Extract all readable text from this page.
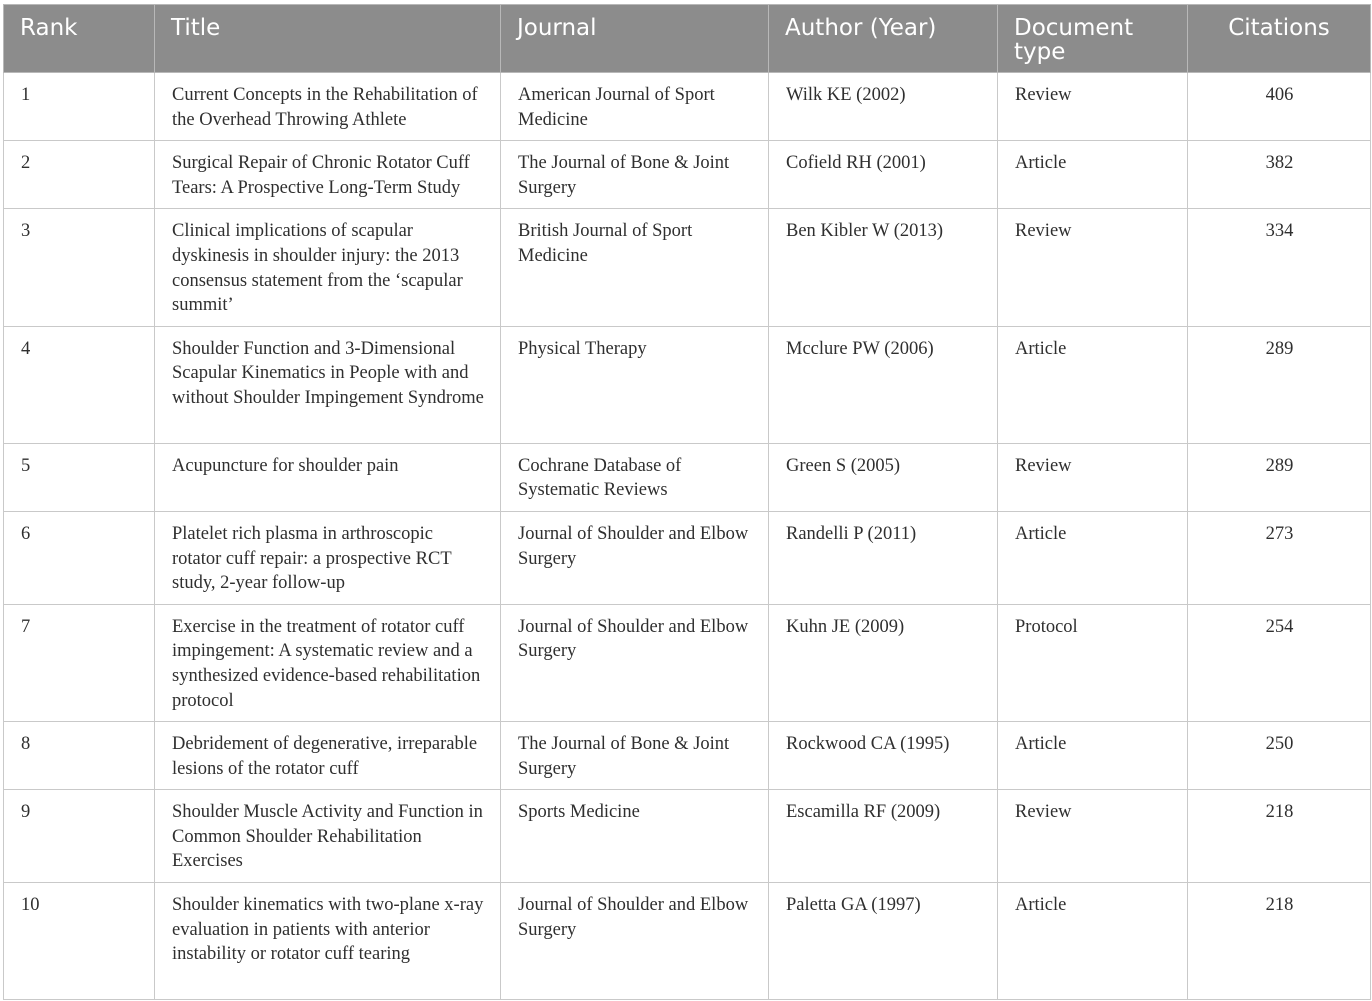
Rank	Title	Journal	Author (Year)	Document type	Citations
1	Current Concepts in the Rehabilitation of the Overhead Throwing Athlete	American Journal of Sport Medicine	Wilk KE (2002)	Review	406
2	Surgical Repair of Chronic Rotator Cuff Tears: A Prospective Long-Term Study	The Journal of Bone & Joint Surgery	Cofield RH (2001)	Article	382
3	Clinical implications of scapular dyskinesis in shoulder injury: the 2013 consensus statement from the ‘scapular summit’	British Journal of Sport Medicine	Ben Kibler W (2013)	Review	334
4	Shoulder Function and 3-Dimensional Scapular Kinematics in People with and without Shoulder Impingement Syndrome	Physical Therapy	Mcclure PW (2006)	Article	289
5	Acupuncture for shoulder pain	Cochrane Database of Systematic Reviews	Green S (2005)	Review	289
6	Platelet rich plasma in arthroscopic rotator cuff repair: a prospective RCT study, 2-year follow-up	Journal of Shoulder and Elbow Surgery	Randelli P (2011)	Article	273
7	Exercise in the treatment of rotator cuff impingement: A systematic review and a synthesized evidence-based rehabilitation protocol	Journal of Shoulder and Elbow Surgery	Kuhn JE (2009)	Protocol	254
8	Debridement of degenerative, irreparable lesions of the rotator cuff	The Journal of Bone & Joint Surgery	Rockwood CA (1995)	Article	250
9	Shoulder Muscle Activity and Function in Common Shoulder Rehabilitation Exercises	Sports Medicine	Escamilla RF (2009)	Review	218
10	Shoulder kinematics with two-plane x-ray evaluation in patients with anterior instability or rotator cuff tearing	Journal of Shoulder and Elbow Surgery	Paletta GA (1997)	Article	218
